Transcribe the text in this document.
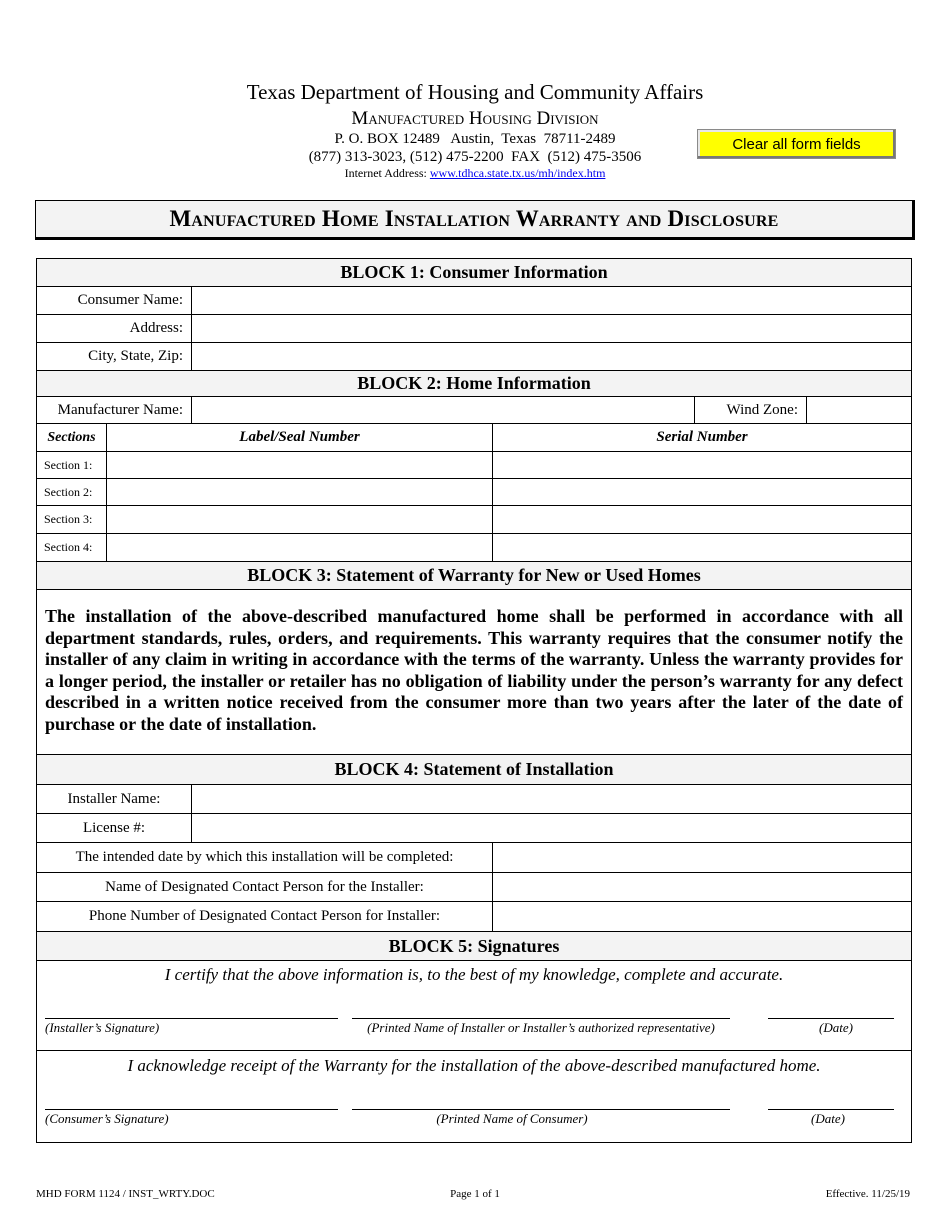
Texas Department of Housing and Community Affairs
Manufactured Housing Division
P. O. BOX 12489   Austin,  Texas  78711-2489
(877) 313-3023, (512) 475-2200  FAX  (512) 475-3506
Internet Address: www.tdhca.state.tx.us/mh/index.htm
Clear all form fields
Manufactured Home Installation Warranty and Disclosure
BLOCK 1: Consumer Information
Consumer Name:
Address:
City, State, Zip:
BLOCK 2: Home Information
Manufacturer Name:	Wind Zone:
Sections	Label/Seal Number	Serial Number
Section 1:
Section 2:
Section 3:
Section 4:
BLOCK 3: Statement of Warranty for New or Used Homes
The installation of the above-described manufactured home shall be performed in accordance with all department standards, rules, orders, and requirements. This warranty requires that the consumer notify the installer of any claim in writing in accordance with the terms of the warranty. Unless the warranty provides for a longer period, the installer or retailer has no obligation of liability under the person’s warranty for any defect described in a written notice received from the consumer more than two years after the later of the date of purchase or the date of installation.
BLOCK 4: Statement of Installation
Installer Name:
License #:
The intended date by which this installation will be completed:
Name of Designated Contact Person for the Installer:
Phone Number of Designated Contact Person for Installer:
BLOCK 5: Signatures
I certify that the above information is, to the best of my knowledge, complete and accurate.
(Installer’s Signature)	(Printed Name of Installer or Installer’s authorized representative)	(Date)
I acknowledge receipt of the Warranty for the installation of the above-described manufactured home.
(Consumer’s Signature)	(Printed Name of Consumer)	(Date)
MHD FORM 1124 / INST_WRTY.DOC	Page 1 of 1	Effective. 11/25/19
